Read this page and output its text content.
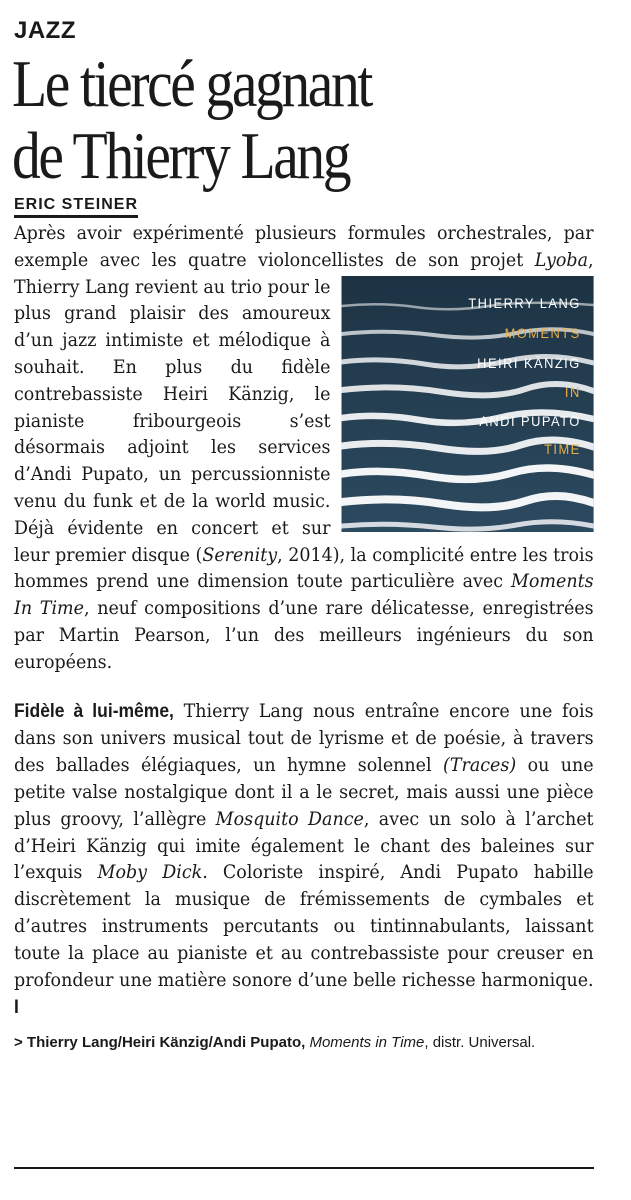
JAZZ
Le tiercé gagnant
de Thierry Lang
ERIC STEINER

Après avoir expérimenté plusieurs formules orchestrales, par exemple avec les quatre violoncellistes de son projet Lyoba, Thierry Lang revient au trio pour le
THIERRY LANG
MOMENTS
HEIRI KÄNZIG
IN
ANDI PUPATO
TIME
plus grand plaisir des amoureux d’un jazz intimiste et mélodique à souhait. En plus du fidèle contrebassiste Heiri Känzig, le pianiste fribourgeois s’est désormais adjoint les services d’Andi Pupato, un percussionniste venu du funk et de la world music. Déjà évidente en concert et sur leur premier disque (Serenity, 2014), la complicité entre les trois hommes prend une dimension toute particulière avec Moments In Time, neuf compositions d’une rare délicatesse, enregistrées par Martin Pearson, l’un des meilleurs ingénieurs du son européens.

Fidèle à lui-même, Thierry Lang nous entraîne encore une fois dans son univers musical tout de lyrisme et de poésie, à travers des ballades élégiaques, un hymne solennel (Traces) ou une petite valse nostalgique dont il a le secret, mais aussi une pièce plus groovy, l’allègre Mosquito Dance, avec un solo à l’archet d’Heiri Känzig qui imite également le chant des baleines sur l’exquis Moby Dick. Coloriste inspiré, Andi Pupato habille discrètement la musique de frémissements de cymbales et d’autres instruments percutants ou tintinnabulants, laissant toute la place au pianiste et au contrebassiste pour creuser en profondeur une matière sonore d’une belle richesse harmonique. I

> Thierry Lang/Heiri Känzig/Andi Pupato, Moments in Time, distr. Universal.
